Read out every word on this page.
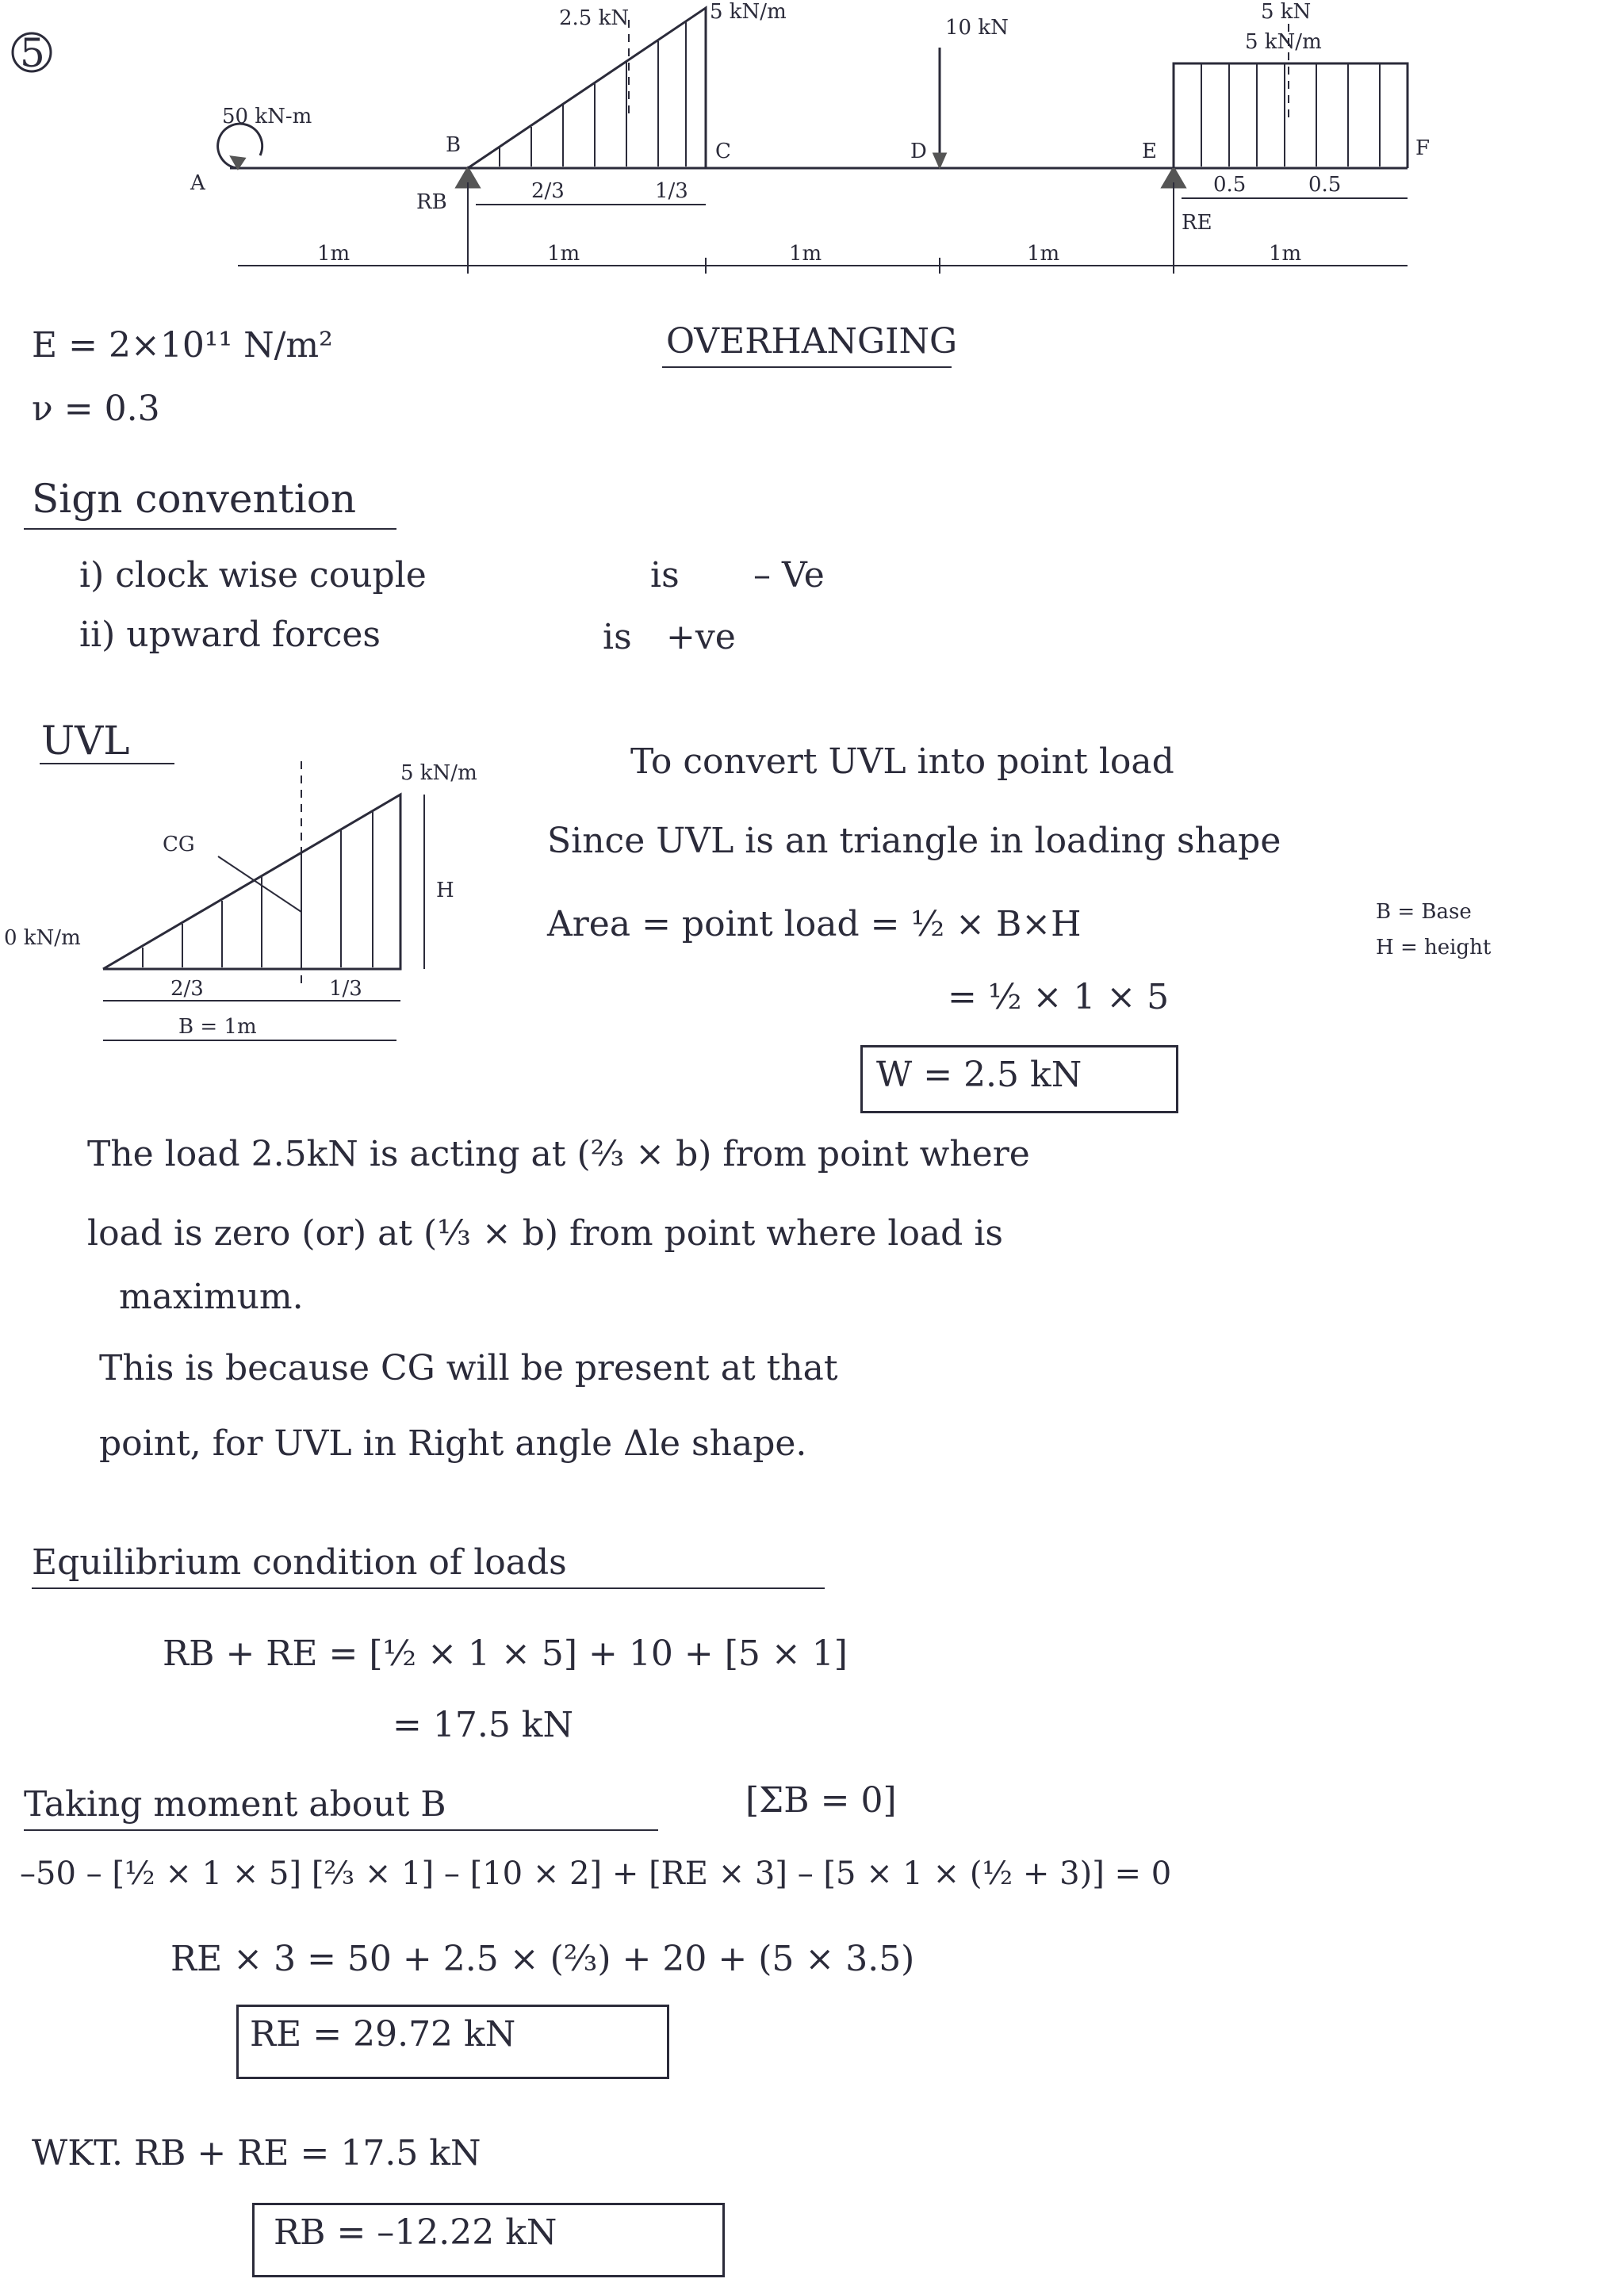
5
2.5 kN	5 kN/m
10 kN
5 kN
5 kN/m
50 kN-m
A
B	C	D	E	F
RB
RE
2/3	1/3	0.5	0.5
1m	1m	1m	1m	1m
E = 2×10¹¹ N/m²
ν = 0.3
OVERHANGING
Sign convention
i) clock wise couple	is – Ve
ii) upward forces	is +ve
UVL
5 kN/m
0 kN/m
CG
H
2/3	1/3
B = 1m
To convert UVL into point load
Since UVL is an triangle in loading shape
Area = point load = ½ × B×H	B = Base
H = height
= ½ × 1 × 5
W = 2.5 kN
The load 2.5kN is acting at (⅔ × b) from point where
load is zero (or) at (⅓ × b) from point where load is
maximum.
This is because CG will be present at that
point, for UVL in Right angle Δle shape.
Equilibrium condition of loads
RB + RE = [½ × 1 × 5] + 10 + [5 × 1]
= 17.5 kN
Taking moment about B	[ΣB = 0]
–50 – [½ × 1 × 5] [⅔ × 1] – [10 × 2] + [RE × 3] – [5 × 1 × (½ + 3)] = 0
RE × 3 = 50 + 2.5 × (⅔) + 20 + (5 × 3.5)
RE = 29.72 kN
WKT. RB + RE = 17.5 kN
RB = –12.22 kN
